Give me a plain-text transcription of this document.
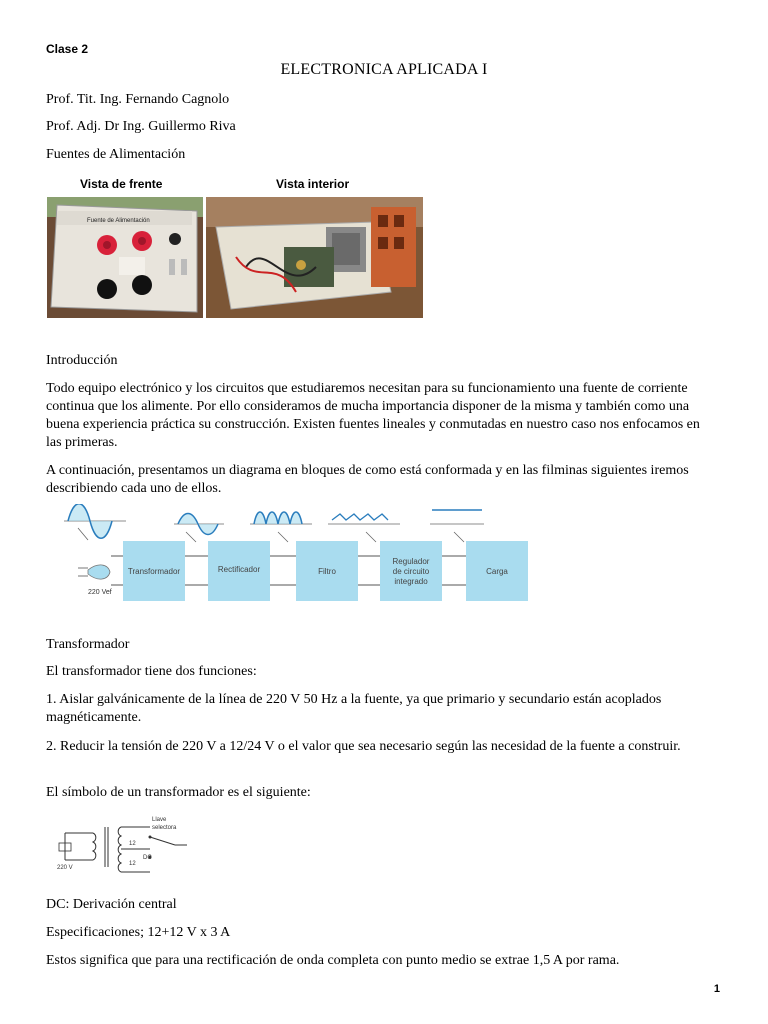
Clase 2
ELECTRONICA APLICADA I

Prof. Tit. Ing. Fernando Cagnolo

Prof. Adj. Dr Ing. Guillermo Riva

Fuentes de Alimentación

Vista de frente	Vista interior
Fuente de Alimentación

Introducción

Todo equipo electrónico y los circuitos que estudiaremos necesitan para su funcionamiento una fuente de corriente continua que los alimente. Por ello consideramos de mucha importancia disponer de la misma y también como una buena experiencia práctica su construcción. Existen fuentes lineales y conmutadas en nuestro caso nos enfocamos en las primeras.

A continuación, presentamos un diagrama en bloques de como está conformada y en las filminas siguientes iremos describiendo cada uno de ellos.

Transformador	Rectificador	Filtro
Regulador
de circuito
integrado
Carga
220 Vef

Transformador

El transformador tiene dos funciones:

1. Aislar galvánicamente de la línea de 220 V 50 Hz a la fuente, ya que primario y secundario están acoplados magnéticamente.

2. Reducir la tensión de 220 V a 12/24 V o el valor que sea necesario según las necesidad de la fuente a construir.

El símbolo de un transformador es el siguiente:

Llave
selectora
12
12
DC
220 V

DC: Derivación central

Especificaciones; 12+12 V x 3 A

Estos significa que para una rectificación de onda completa con punto medio se extrae 1,5 A por rama.

1
